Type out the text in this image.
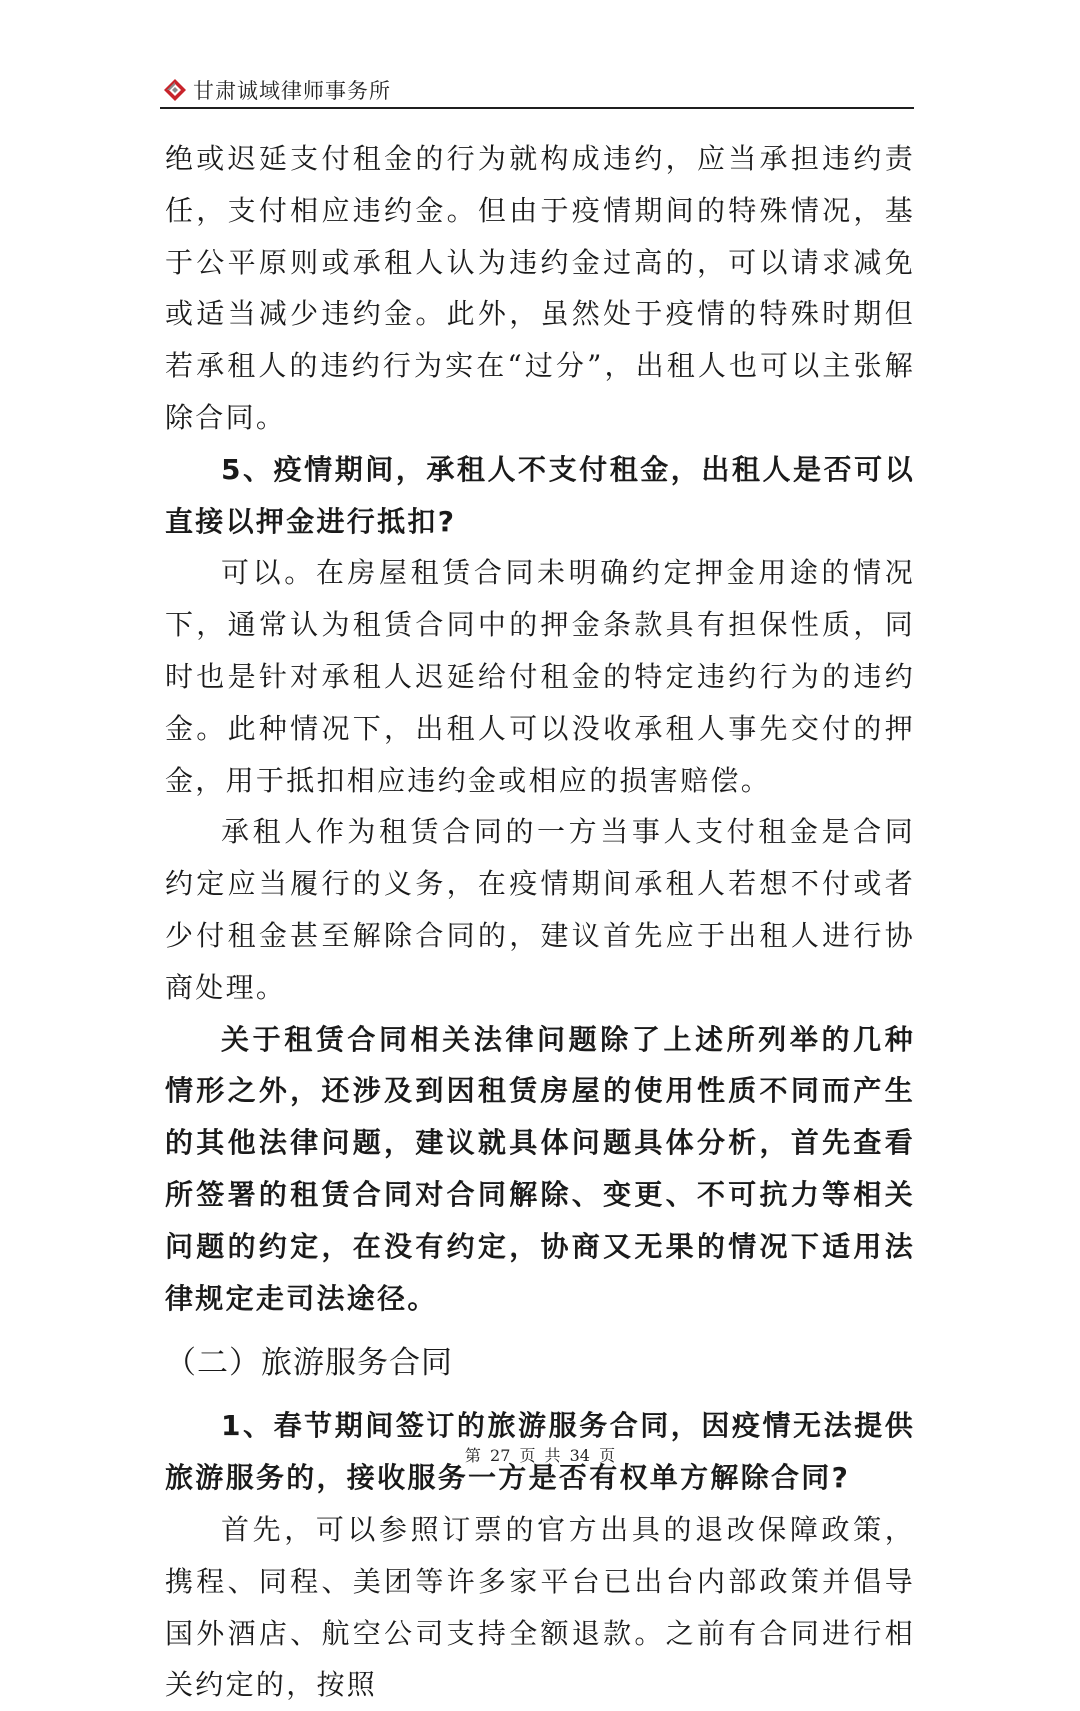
甘肃诚域律师事务所

绝或迟延支付租金的行为就构成违约，应当承担违约责任，支付相应违约金。但由于疫情期间的特殊情况，基于公平原则或承租人认为违约金过高的，可以请求减免或适当减少违约金。此外，虽然处于疫情的特殊时期但若承租人的违约行为实在“过分”，出租人也可以主张解除合同。

5、疫情期间，承租人不支付租金，出租人是否可以直接以押金进行抵扣?

可以。在房屋租赁合同未明确约定押金用途的情况下，通常认为租赁合同中的押金条款具有担保性质，同时也是针对承租人迟延给付租金的特定违约行为的违约金。此种情况下，出租人可以没收承租人事先交付的押金，用于抵扣相应违约金或相应的损害赔偿。

承租人作为租赁合同的一方当事人支付租金是合同约定应当履行的义务，在疫情期间承租人若想不付或者少付租金甚至解除合同的，建议首先应于出租人进行协商处理。

关于租赁合同相关法律问题除了上述所列举的几种情形之外，还涉及到因租赁房屋的使用性质不同而产生的其他法律问题，建议就具体问题具体分析，首先查看所签署的租赁合同对合同解除、变更、不可抗力等相关问题的约定，在没有约定，协商又无果的情况下适用法律规定走司法途径。

（二）旅游服务合同

1、春节期间签订的旅游服务合同，因疫情无法提供旅游服务的，接收服务一方是否有权单方解除合同?

首先，可以参照订票的官方出具的退改保障政策，携程、同程、美团等许多家平台已出台内部政策并倡导国外酒店、航空公司支持全额退款。之前有合同进行相关约定的，按照

第 27 页 共 34 页
